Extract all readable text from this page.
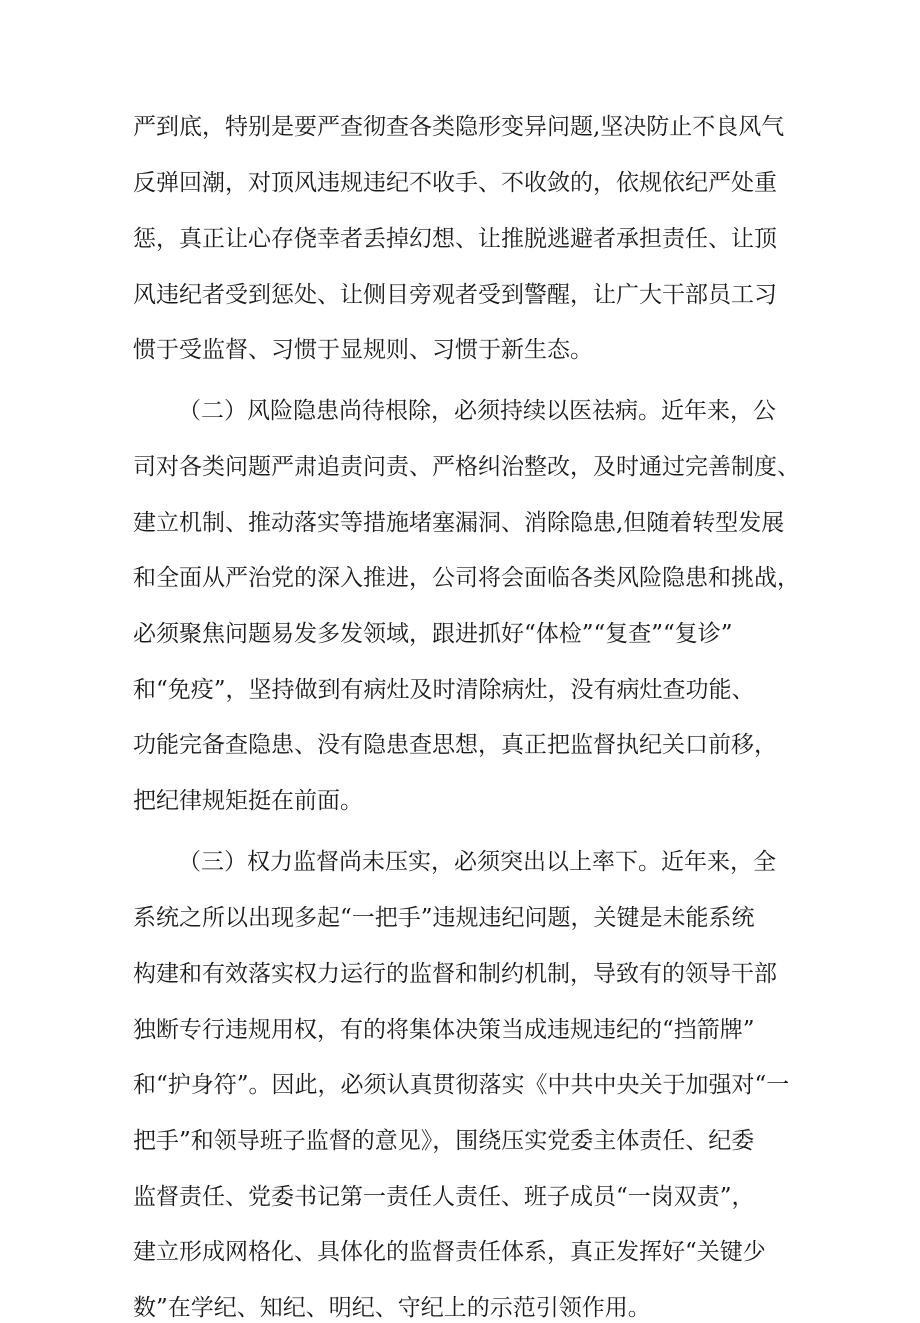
严到底，特别是要严查彻查各类隐形变异问题,坚决防止不良风气

反弹回潮，对顶风违规违纪不收手、不收敛的，依规依纪严处重

惩，真正让心存侥幸者丢掉幻想、让推脱逃避者承担责任、让顶

风违纪者受到惩处、让侧目旁观者受到警醒，让广大干部员工习

惯于受监督、习惯于显规则、习惯于新生态。

（二）风险隐患尚待根除，必须持续以医祛病。近年来，公

司对各类问题严肃追责问责、严格纠治整改，及时通过完善制度、

建立机制、推动落实等措施堵塞漏洞、消除隐患,但随着转型发展

和全面从严治党的深入推进，公司将会面临各类风险隐患和挑战，

必须聚焦问题易发多发领域，跟进抓好“体检”“复查”“复诊”

和“免疫”，坚持做到有病灶及时清除病灶，没有病灶查功能、

功能完备查隐患、没有隐患查思想，真正把监督执纪关口前移，

把纪律规矩挺在前面。

（三）权力监督尚未压实，必须突出以上率下。近年来，全

系统之所以出现多起“一把手”违规违纪问题，关键是未能系统

构建和有效落实权力运行的监督和制约机制，导致有的领导干部

独断专行违规用权，有的将集体决策当成违规违纪的“挡箭牌”

和“护身符”。因此，必须认真贯彻落实《中共中央关于加强对“一

把手”和领导班子监督的意见》，围绕压实党委主体责任、纪委

监督责任、党委书记第一责任人责任、班子成员“一岗双责”，

建立形成网格化、具体化的监督责任体系，真正发挥好“关键少

数”在学纪、知纪、明纪、守纪上的示范引领作用。
